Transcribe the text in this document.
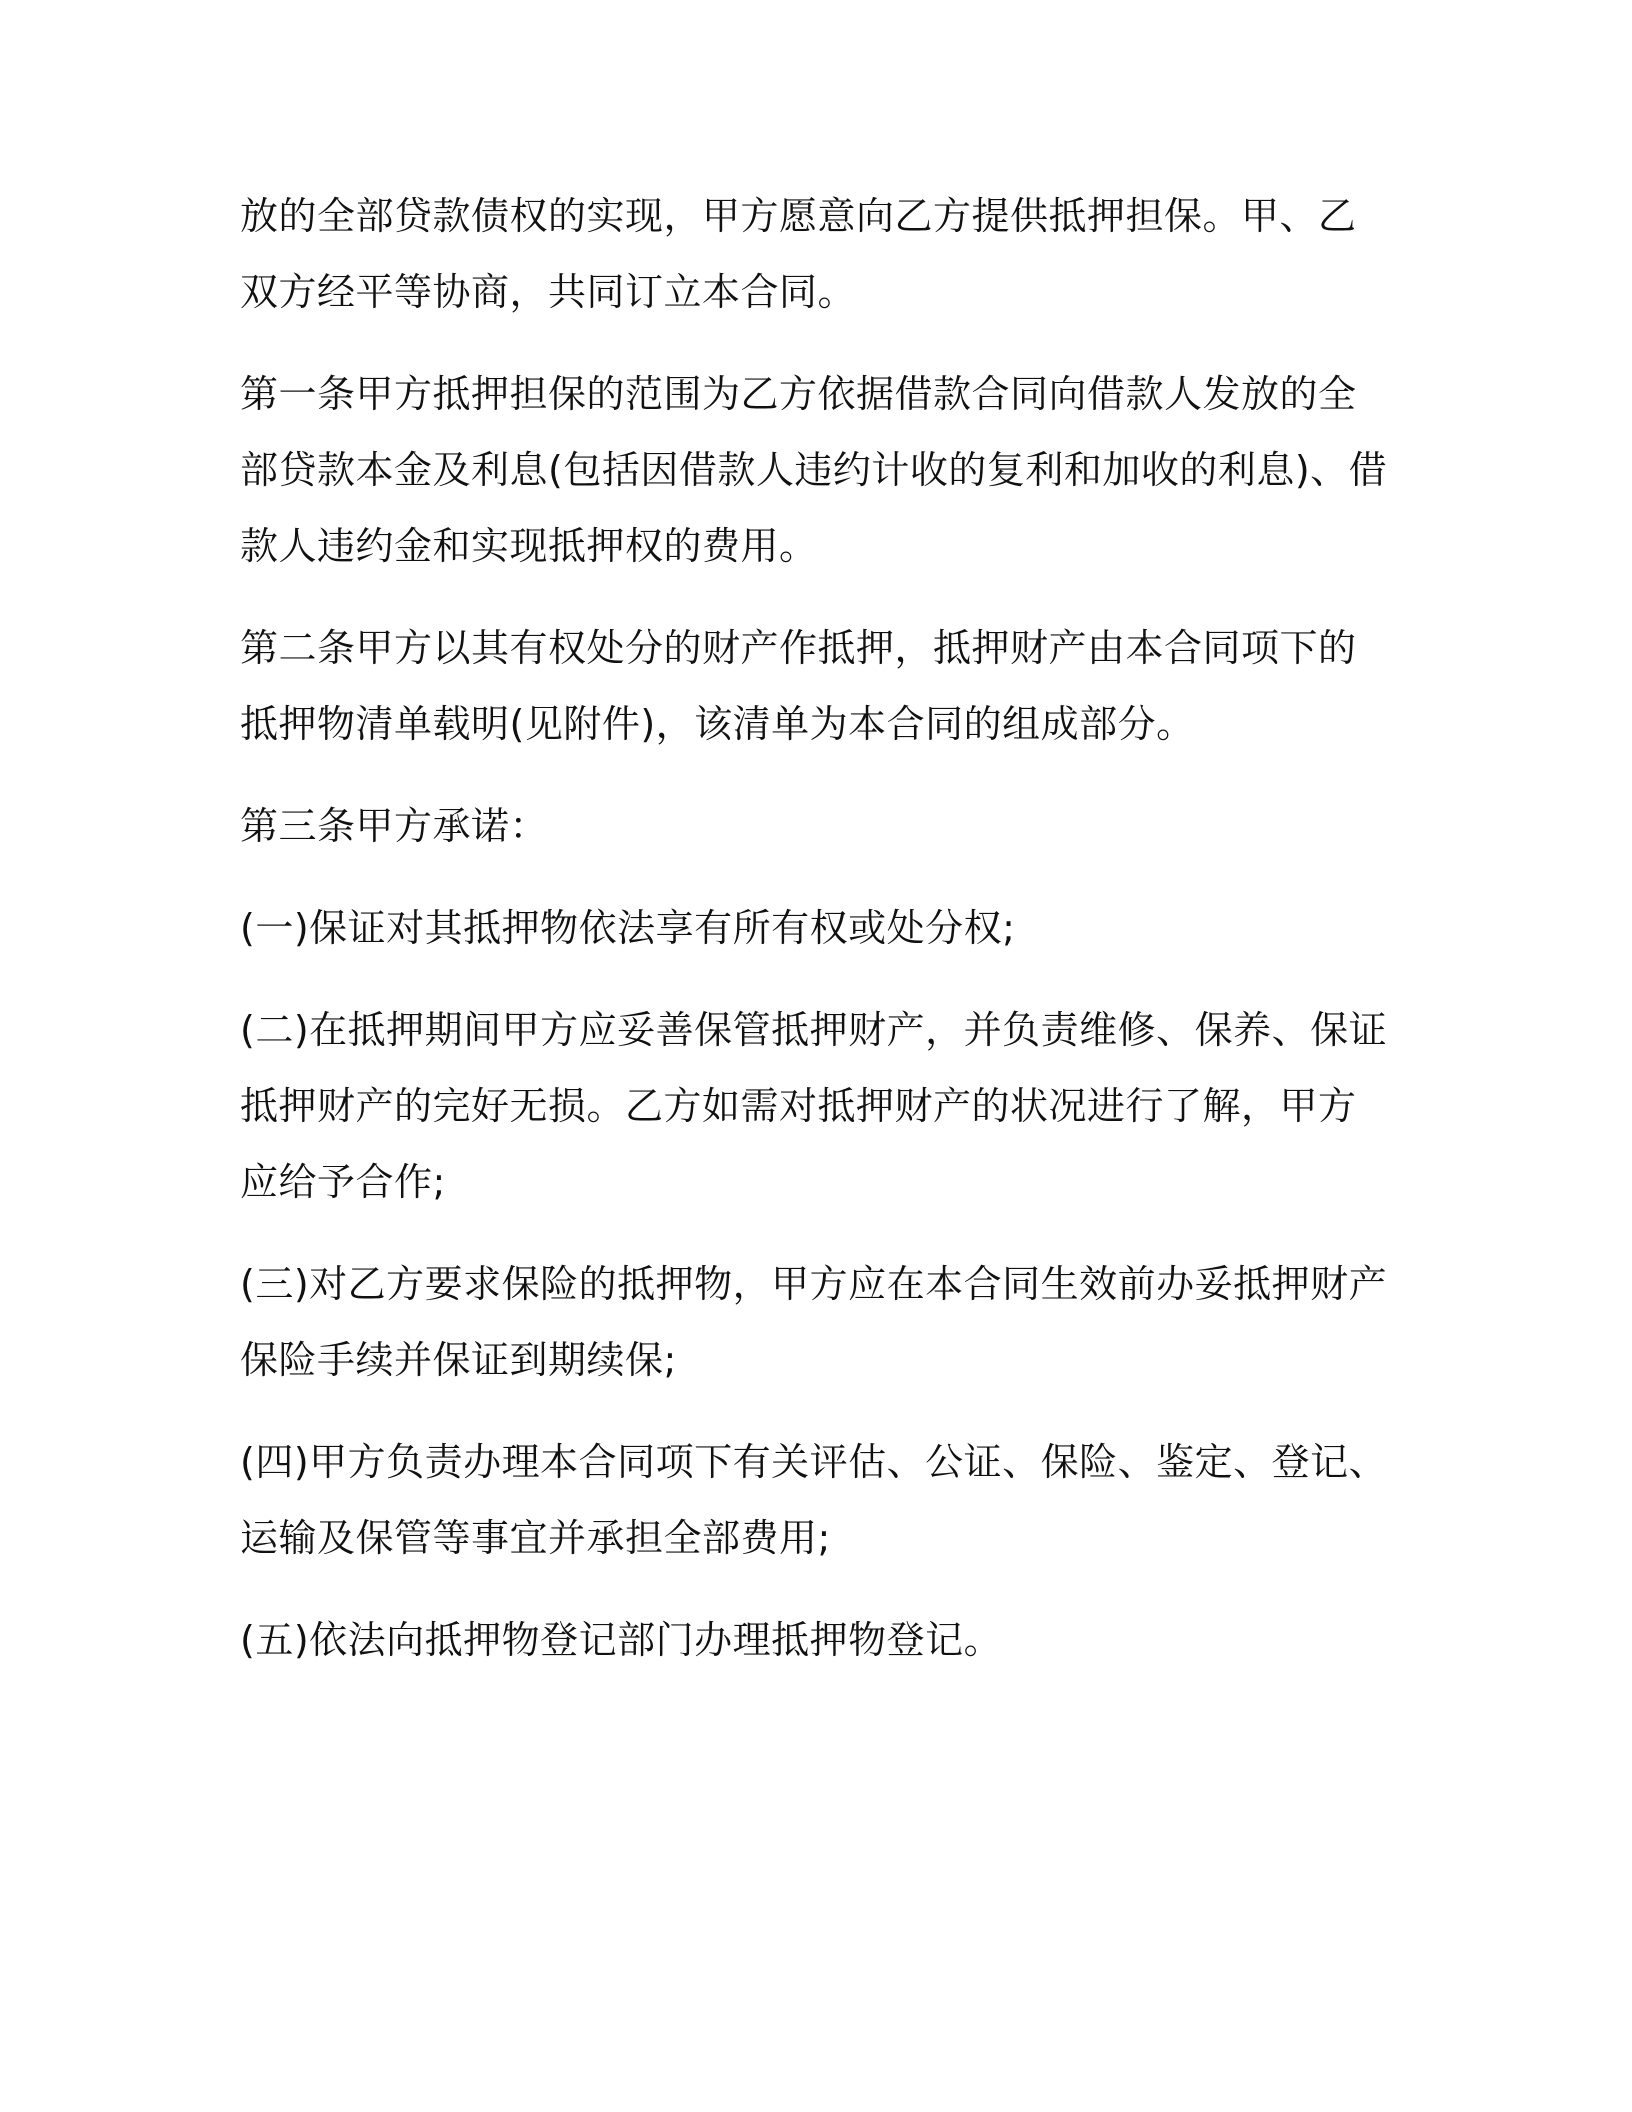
放的全部贷款债权的实现，甲方愿意向乙方提供抵押担保。甲、乙双方经平等协商，共同订立本合同。

第一条甲方抵押担保的范围为乙方依据借款合同向借款人发放的全部贷款本金及利息(包括因借款人违约计收的复利和加收的利息)、借款人违约金和实现抵押权的费用。

第二条甲方以其有权处分的财产作抵押，抵押财产由本合同项下的抵押物清单载明(见附件)，该清单为本合同的组成部分。

第三条甲方承诺：

(一)保证对其抵押物依法享有所有权或处分权;

(二)在抵押期间甲方应妥善保管抵押财产，并负责维修、保养、保证抵押财产的完好无损。乙方如需对抵押财产的状况进行了解，甲方应给予合作;

(三)对乙方要求保险的抵押物，甲方应在本合同生效前办妥抵押财产保险手续并保证到期续保;

(四)甲方负责办理本合同项下有关评估、公证、保险、鉴定、登记、运输及保管等事宜并承担全部费用;

(五)依法向抵押物登记部门办理抵押物登记。
